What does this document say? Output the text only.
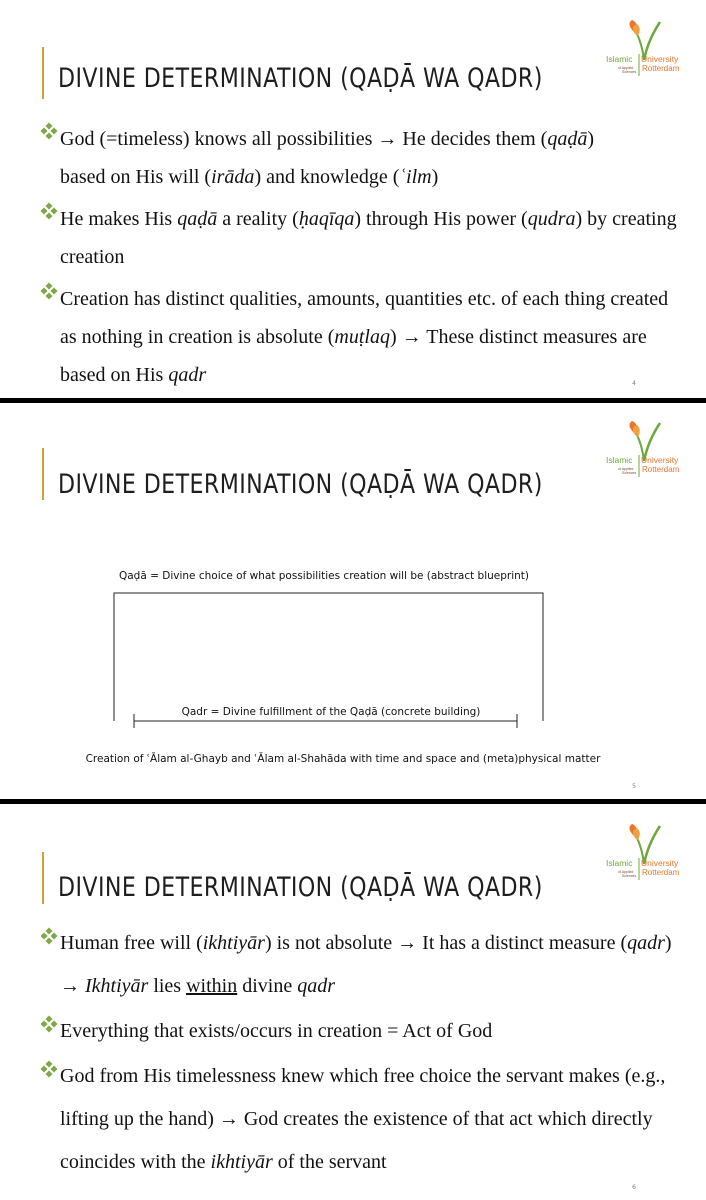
DIVINE DETERMINATION (QAḌĀ WA QADR)
Islamic University
of Applied
Sciences Rotterdam
God (=timeless) knows all possibilities → He decides them (qaḍā)
based on His will (irāda) and knowledge (ʿilm)
He makes His qaḍā a reality (ḥaqīqa) through His power (qudra) by creating creation
Creation has distinct qualities, amounts, quantities etc. of each thing created as nothing in creation is absolute (muṭlaq) → These distinct measures are based on His qadr	4
DIVINE DETERMINATION (QAḌĀ WA QADR)
Islamic University
of Applied
Sciences Rotterdam
Qaḍā = Divine choice of what possibilities creation will be (abstract blueprint)
Qadr = Divine fulfillment of the Qaḍā (concrete building)
Creation of ʿĀlam al-Ghayb and ʿĀlam al-Shahāda with time and space and (meta)physical matter
5
DIVINE DETERMINATION (QAḌĀ WA QADR)
Islamic University
of Applied
Sciences Rotterdam
Human free will (ikhtiyār) is not absolute → It has a distinct measure (qadr) → Ikhtiyār lies within divine qadr
Everything that exists/occurs in creation = Act of God
God from His timelessness knew which free choice the servant makes (e.g., lifting up the hand) → God creates the existence of that act which directly coincides with the ikhtiyār of the servant
6
